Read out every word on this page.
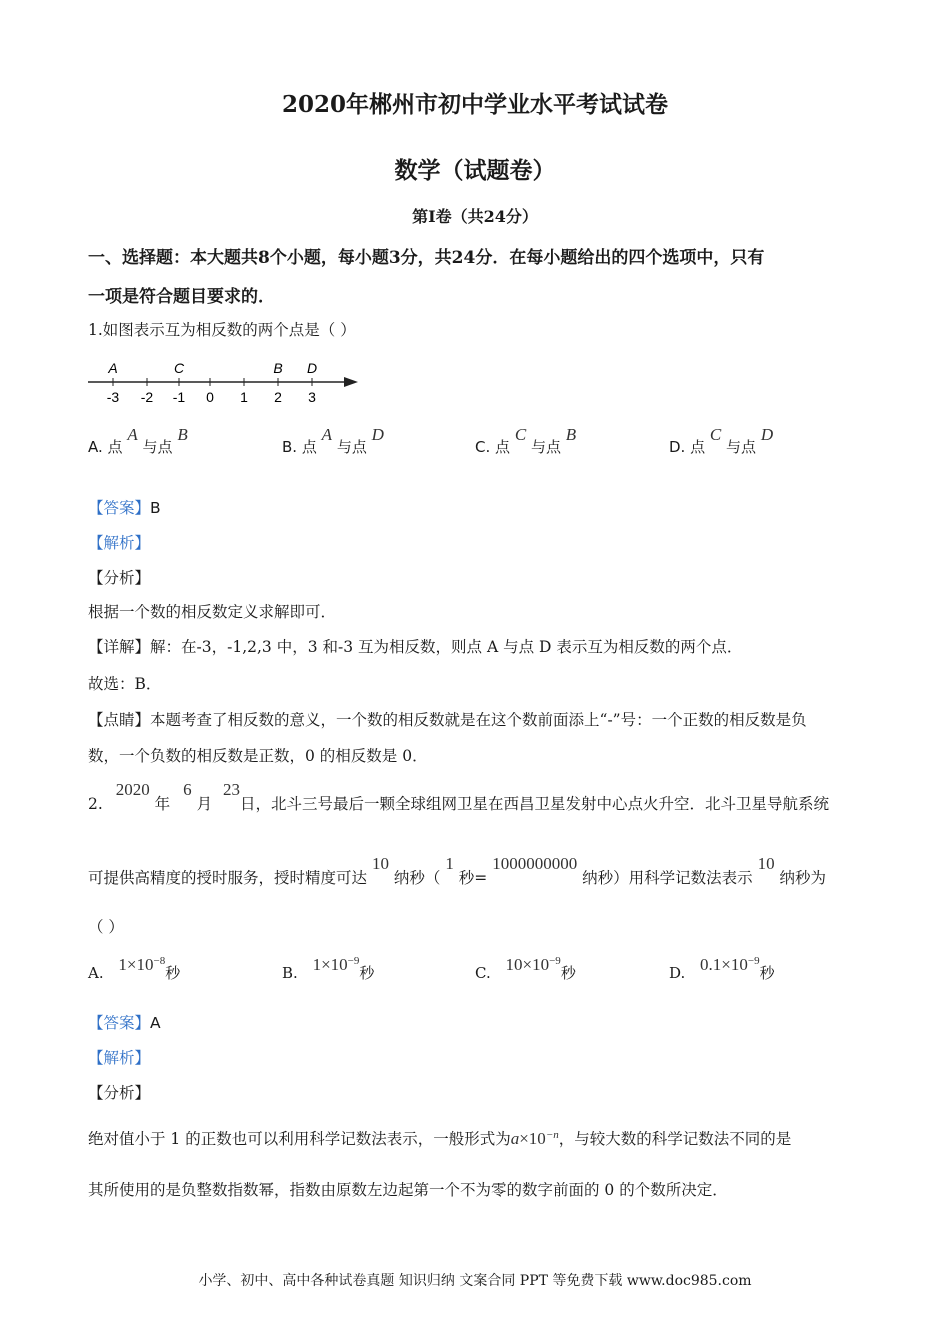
2020年郴州市初中学业水平考试试卷
数学（试题卷）
第I卷（共24分）
一、选择题：本大题共8个小题，每小题3分，共24分．在每小题给出的四个选项中，只有
一项是符合题目要求的．
1.如图表示互为相反数的两个点是（ ）
A	C	B D
-3 -2 -1 0 1 2 3
A. 点 A 与点 B
B. 点 A 与点 D
C. 点 C 与点 B
D. 点 C 与点 D
【答案】B
【解析】
【分析】
根据一个数的相反数定义求解即可．
【详解】解：在-3，-1,2,3 中，3 和-3 互为相反数，则点 A 与点 D 表示互为相反数的两个点．
故选：B．
【点睛】本题考查了相反数的意义，一个数的相反数就是在这个数前面添上“-”号：一个正数的相反数是负
数，一个负数的相反数是正数，0 的相反数是 0．
2. 2020 年 6 月 23日，北斗三号最后一颗全球组网卫星在西昌卫星发射中心点火升空．北斗卫星导航系统
可提供高精度的授时服务，授时精度可达 10 纳秒（ 1 秒= 1000000000 纳秒）用科学记数法表示 10 纳秒为
（ ）
A. $1\times 10^{-8}$秒	B. $1\times 10^{-9}$秒	C. $10\times 10^{-9}$秒	D. $0.1\times 10^{-9}$秒
【答案】A
【解析】
【分析】
绝对值小于 1 的正数也可以利用科学记数法表示，一般形式为$a\times 10^{-n}$，与较大数的科学记数法不同的是
其所使用的是负整数指数幂，指数由原数左边起第一个不为零的数字前面的 0 的个数所决定．
小学、初中、高中各种试卷真题 知识归纳 文案合同 PPT 等免费下载 www.doc985.com
